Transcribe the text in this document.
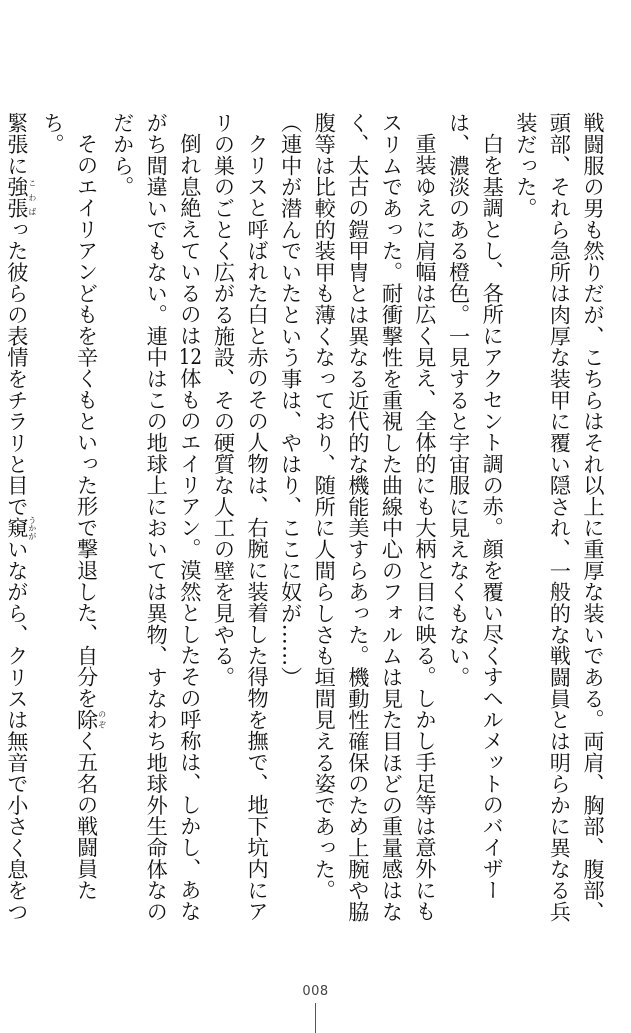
戦闘服の男も然りだが、こちらはそれ以上に重厚な装いである。両肩、胸部、腹部、頭部、それら急所は肉厚な装甲に覆い隠され、一般的な戦闘員とは明らかに異なる兵装だった。

白を基調とし、各所にアクセント調の赤。顔を覆い尽くすヘルメットのバイザーは、濃淡のある橙色。一見すると宇宙服に見えなくもない。

重装ゆえに肩幅は広く見え、全体的にも大柄と目に映る。しかし手足等は意外にもスリムであった。耐衝撃性を重視した曲線中心のフォルムは見た目ほどの重量感はなく、太古の鎧甲冑とは異なる近代的な機能美すらあった。機動性確保のため上腕や脇腹等は比較的装甲も薄くなっており、随所に人間らしさも垣間見える姿であった。

（連中が潜んでいたという事は、やはり、ここに奴が……）

クリスと呼ばれた白と赤のその人物は、右腕に装着した得物を撫で、地下坑内にアリの巣のごとく広がる施設、その硬質な人工の壁を見やる。

倒れ息絶えているのは12体ものエイリアン。漠然としたその呼称は、しかし、あながち間違いでもない。連中はこの地球上においては異物、すなわち地球外生命体なのだから。

そのエイリアンどもを辛くもといった形で撃退した、自分を除のぞく五名の戦闘員たち。

緊張に強張こわばった彼らの表情をチラリと目で窺うかがいながら、クリスは無音で小さく息をつ

008
